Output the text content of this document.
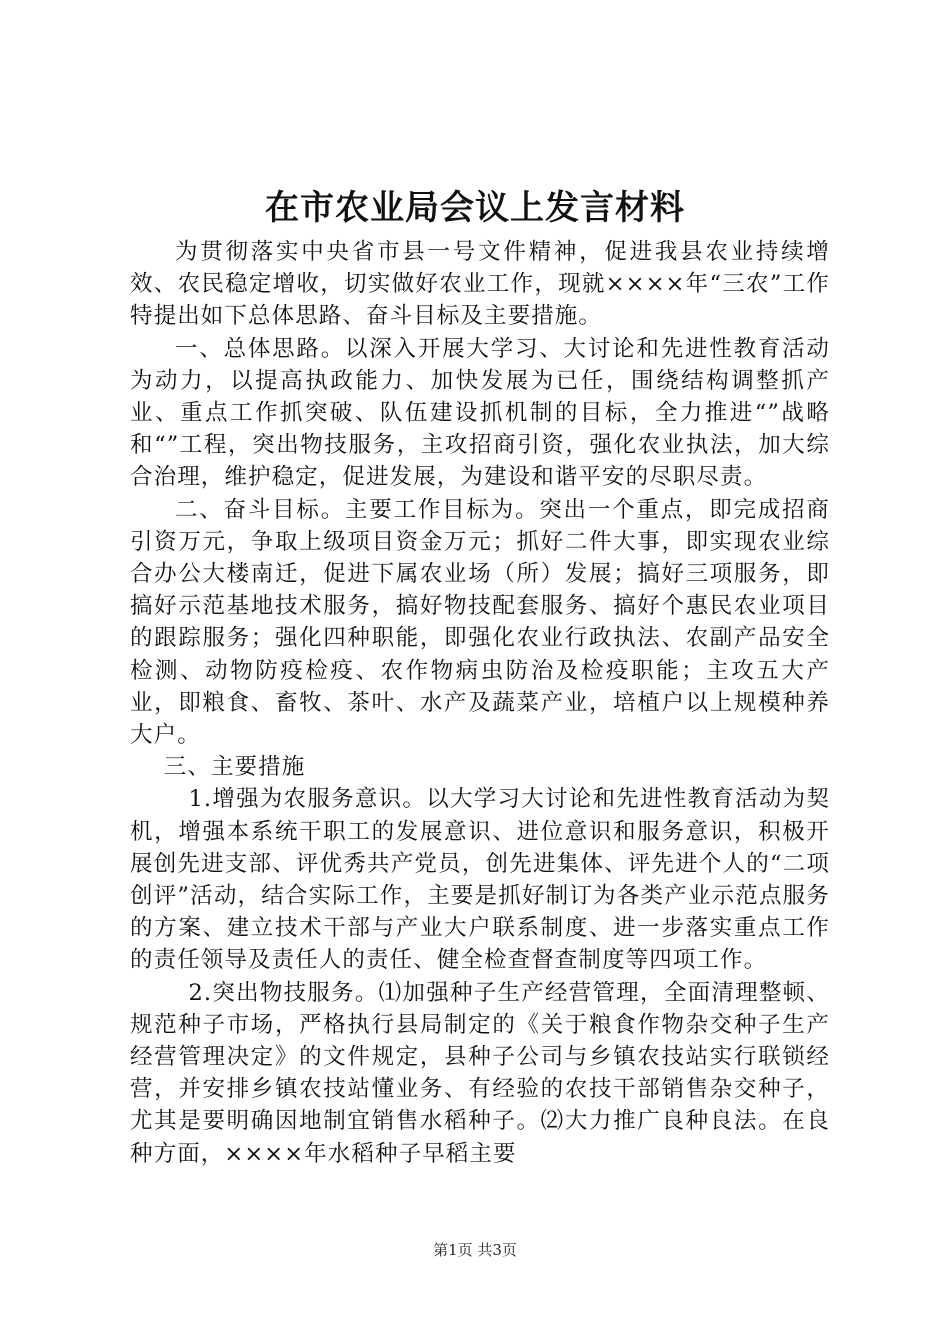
在市农业局会议上发言材料

为贯彻落实中央省市县一号文件精神，促进我县农业持续增效、农民稳定增收，切实做好农业工作，现就××××年“三农”工作特提出如下总体思路、奋斗目标及主要措施。

一、总体思路。以深入开展大学习、大讨论和先进性教育活动为动力，以提高执政能力、加快发展为已任，围绕结构调整抓产业、重点工作抓突破、队伍建设抓机制的目标，全力推进“”战略和“”工程，突出物技服务，主攻招商引资，强化农业执法，加大综合治理，维护稳定，促进发展，为建设和谐平安的尽职尽责。

二、奋斗目标。主要工作目标为。突出一个重点，即完成招商引资万元，争取上级项目资金万元；抓好二件大事，即实现农业综合办公大楼南迁，促进下属农业场（所）发展；搞好三项服务，即搞好示范基地技术服务，搞好物技配套服务、搞好个惠民农业项目的跟踪服务；强化四种职能，即强化农业行政执法、农副产品安全检测、动物防疫检疫、农作物病虫防治及检疫职能；主攻五大产业，即粮食、畜牧、茶叶、水产及蔬菜产业，培植户以上规模种养大户。

三、主要措施

1.增强为农服务意识。以大学习大讨论和先进性教育活动为契机，增强本系统干职工的发展意识、进位意识和服务意识，积极开展创先进支部、评优秀共产党员，创先进集体、评先进个人的“二项创评”活动，结合实际工作，主要是抓好制订为各类产业示范点服务的方案、建立技术干部与产业大户联系制度、进一步落实重点工作的责任领导及责任人的责任、健全检查督查制度等四项工作。

2.突出物技服务。⑴加强种子生产经营管理，全面清理整顿、规范种子市场，严格执行县局制定的《关于粮食作物杂交种子生产经营管理决定》的文件规定，县种子公司与乡镇农技站实行联锁经营，并安排乡镇农技站懂业务、有经验的农技干部销售杂交种子，尤其是要明确因地制宜销售水稻种子。⑵大力推广良种良法。在良种方面，××××年水稻种子早稻主要

第1页 共3页
